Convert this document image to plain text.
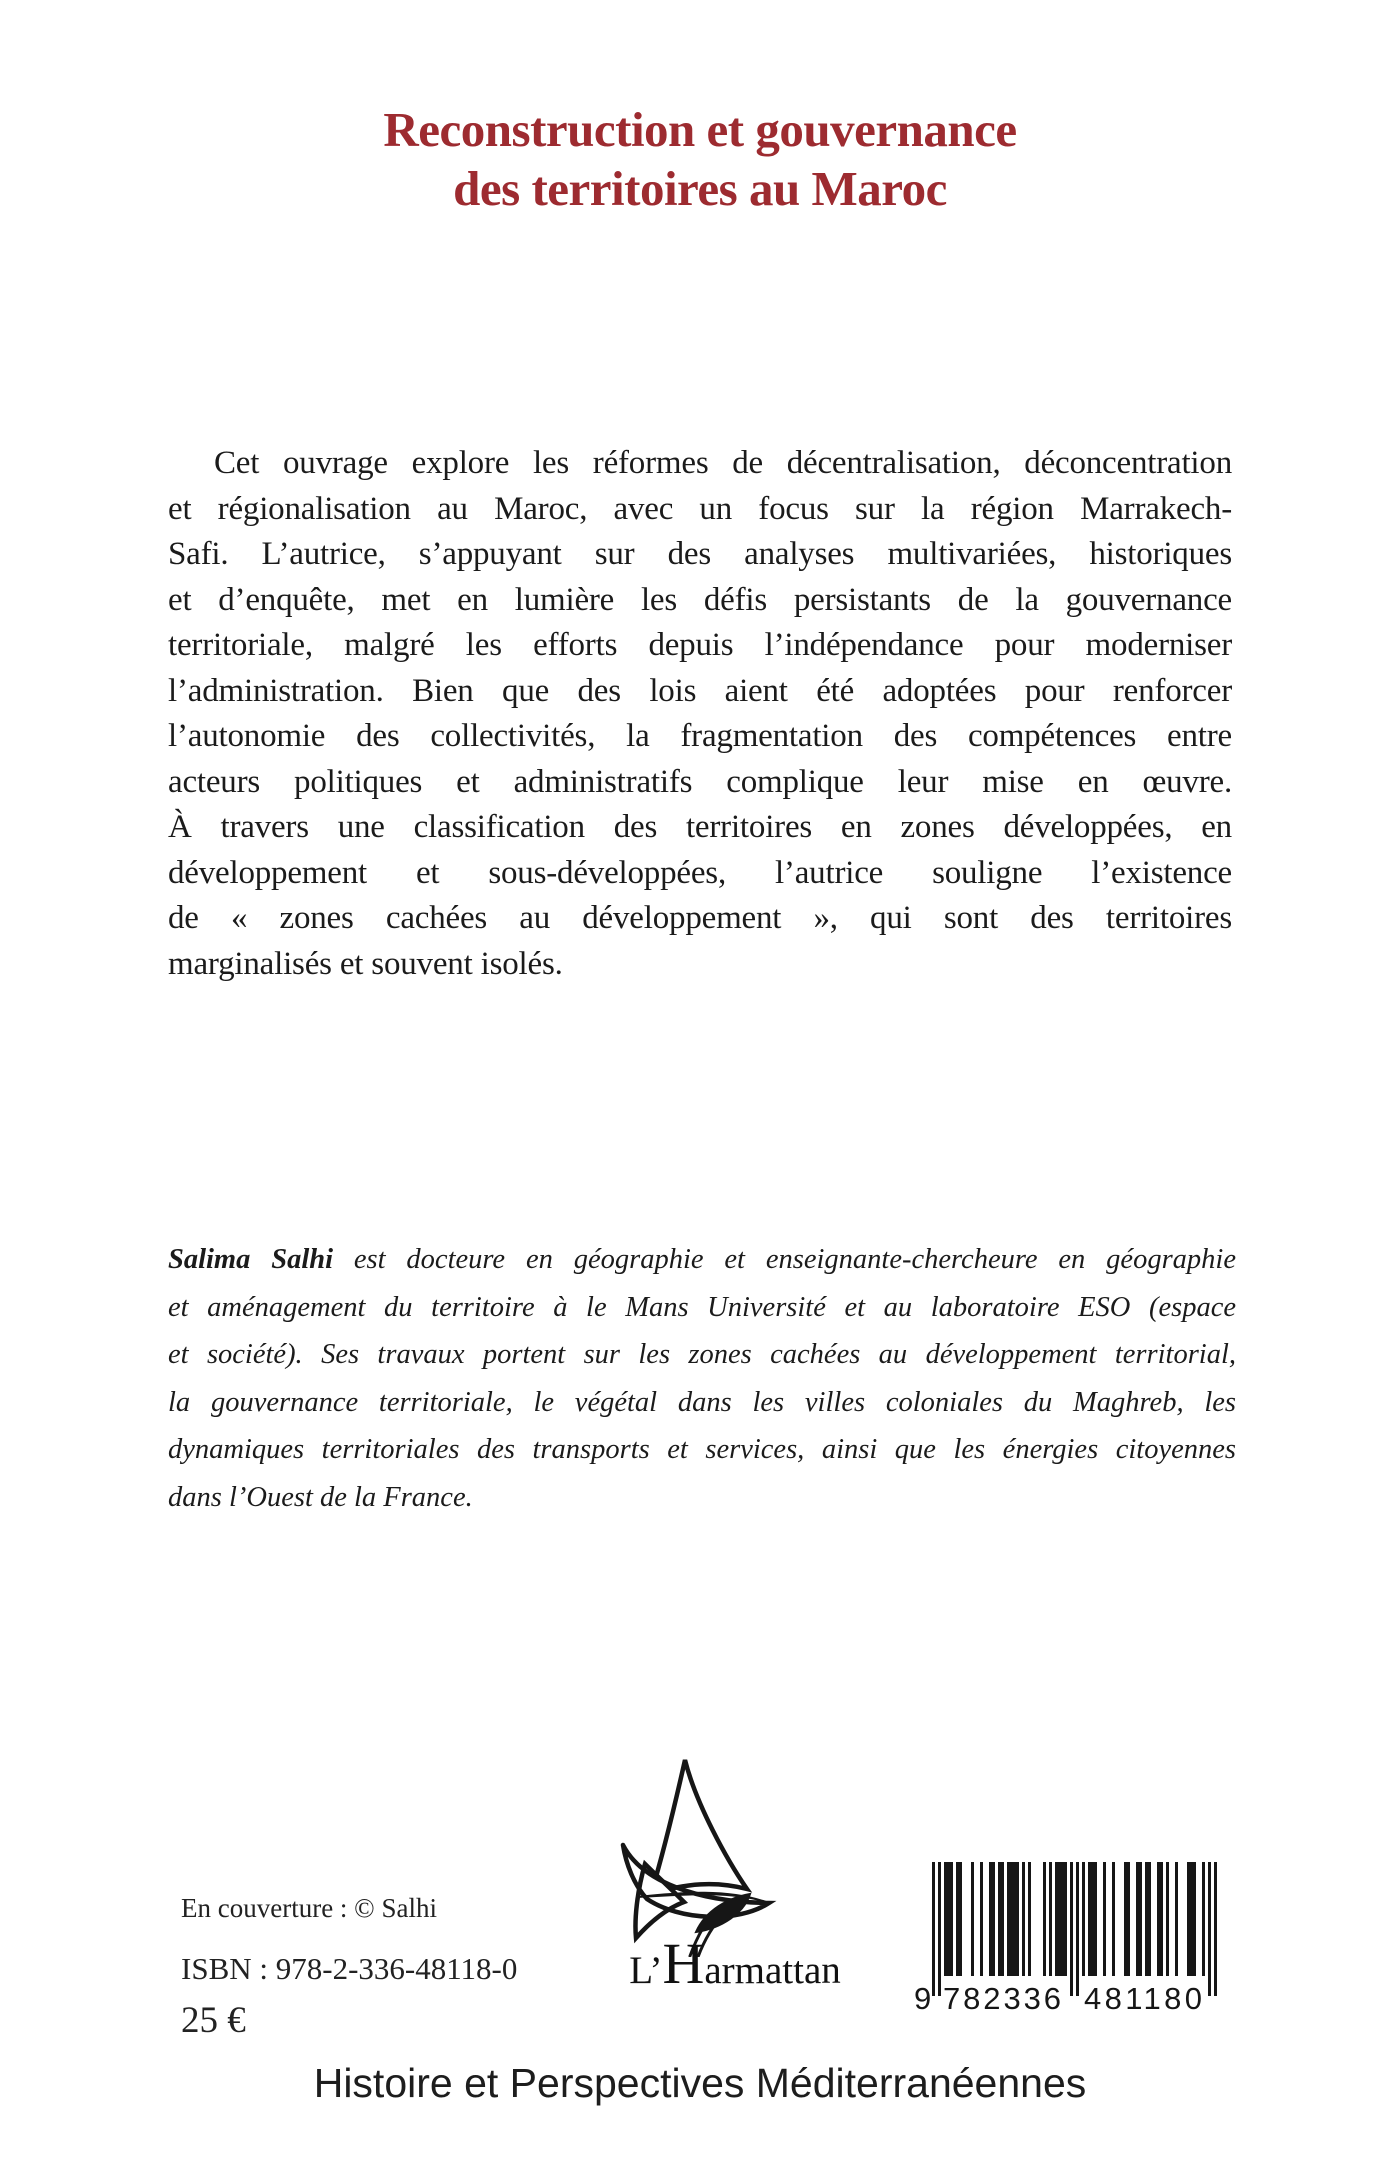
Reconstruction et gouvernance
des territoires au Maroc
Cet ouvrage explore les réformes de décentralisation, déconcentration
et régionalisation au Maroc, avec un focus sur la région Marrakech-
Safi. L’autrice, s’appuyant sur des analyses multivariées, historiques
et d’enquête, met en lumière les défis persistants de la gouvernance
territoriale, malgré les efforts depuis l’indépendance pour moderniser
l’administration. Bien que des lois aient été adoptées pour renforcer
l’autonomie des collectivités, la fragmentation des compétences entre
acteurs politiques et administratifs complique leur mise en œuvre.
À travers une classification des territoires en zones développées, en
développement et sous-développées, l’autrice souligne l’existence
de « zones cachées au développement », qui sont des territoires
marginalisés et souvent isolés.
Salima Salhi est docteure en géographie et enseignante-chercheure en géographie
et aménagement du territoire à le Mans Université et au laboratoire ESO (espace
et société). Ses travaux portent sur les zones cachées au développement territorial,
la gouvernance territoriale, le végétal dans les villes coloniales du Maghreb, les
dynamiques territoriales des transports et services, ainsi que les énergies citoyennes
dans l’Ouest de la France.
En couverture : © Salhi
ISBN : 978-2-336-48118-0
25 €
L’Harmattan
9 782336 481180
Histoire et Perspectives Méditerranéennes
